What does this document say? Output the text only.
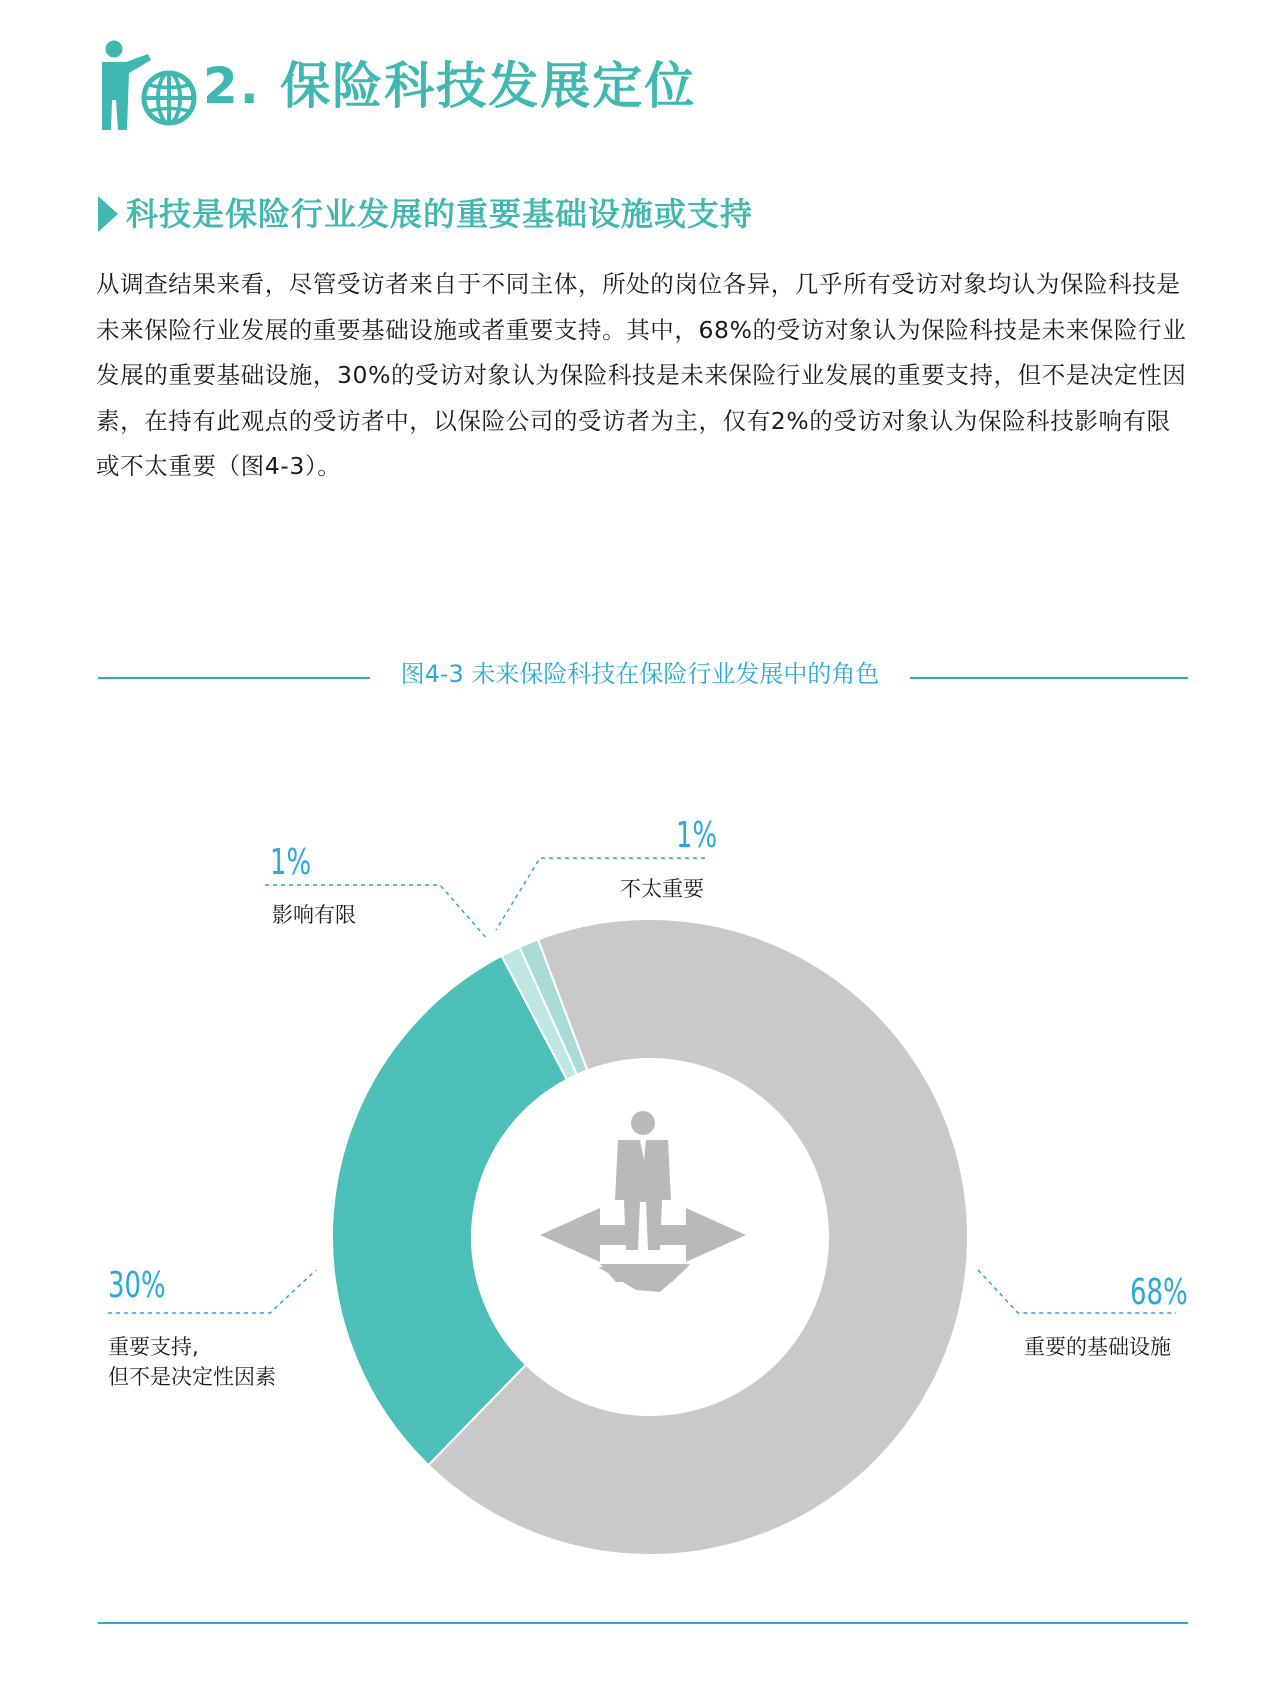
2. 保险科技发展定位
科技是保险行业发展的重要基础设施或支持
从调查结果来看，尽管受访者来自于不同主体，所处的岗位各异，几乎所有受访对象均认为保险科技是未来保险行业发展的重要基础设施或者重要支持。其中，68%的受访对象认为保险科技是未来保险行业发展的重要基础设施，30%的受访对象认为保险科技是未来保险行业发展的重要支持，但不是决定性因素，在持有此观点的受访者中，以保险公司的受访者为主，仅有2%的受访对象认为保险科技影响有限或不太重要（图4-3）。
图4-3 未来保险科技在保险行业发展中的角色
1%
影响有限
1%
不太重要
30%
重要支持,
但不是决定性因素
68%
重要的基础设施
